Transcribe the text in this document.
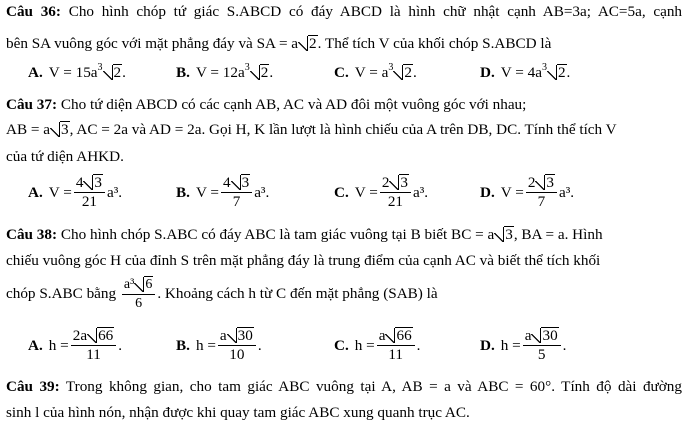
Câu 36: Cho hình chóp tứ giác S.ABCD có đáy ABCD là hình chữ nhật cạnh AB=3a; AC=5a, cạnh
bên SA vuông góc với mặt phẳng đáy và SA = a 2. Thể tích V của khối chóp S.ABCD là
A. $V = 15a^3$ 2.	B. $V = 12a^3$ 2.	C. $V = a^3$ 2.	D. $V = 4a^3$ 2.
Câu 37: Cho tứ diện ABCD có các cạnh AB, AC và AD đôi một vuông góc với nhau;
AB = a 3, AC = 2a và AD = 2a. Gọi H, K lần lượt là hình chiếu của A trên DB, DC. Tính thể tích V
của tứ diện AHKD.
A. $V = \frac{4 3}{21} a^3$.	B. $V = \frac{4 3}{7} a^3$.	C. $V = \frac{2 3}{21} a^3$.	D. $V = \frac{2 3}{7} a^3$.
Câu 38: Cho hình chóp S.ABC có đáy ABC là tam giác vuông tại B biết BC = a 3, BA = a. Hình
chiếu vuông góc H của đỉnh S trên mặt phẳng đáy là trung điểm của cạnh AC và biết thể tích khối
chóp S.ABC bằng $\frac{\text{a³ 6}}{6}$ . Khoảng cách h từ C đến mặt phẳng (SAB) là
A. $h = \frac{2a 66}{11}$ .	B. $h = \frac{a 30}{10}$ .	C. $h = \frac{a 66}{11}$ .	D. $h = \frac{a 30}{5}$ .
Câu 39: Trong không gian, cho tam giác ABC vuông tại A, AB = a và ABC = 60°. Tính độ dài đường
sinh l của hình nón, nhận được khi quay tam giác ABC xung quanh trục AC.
